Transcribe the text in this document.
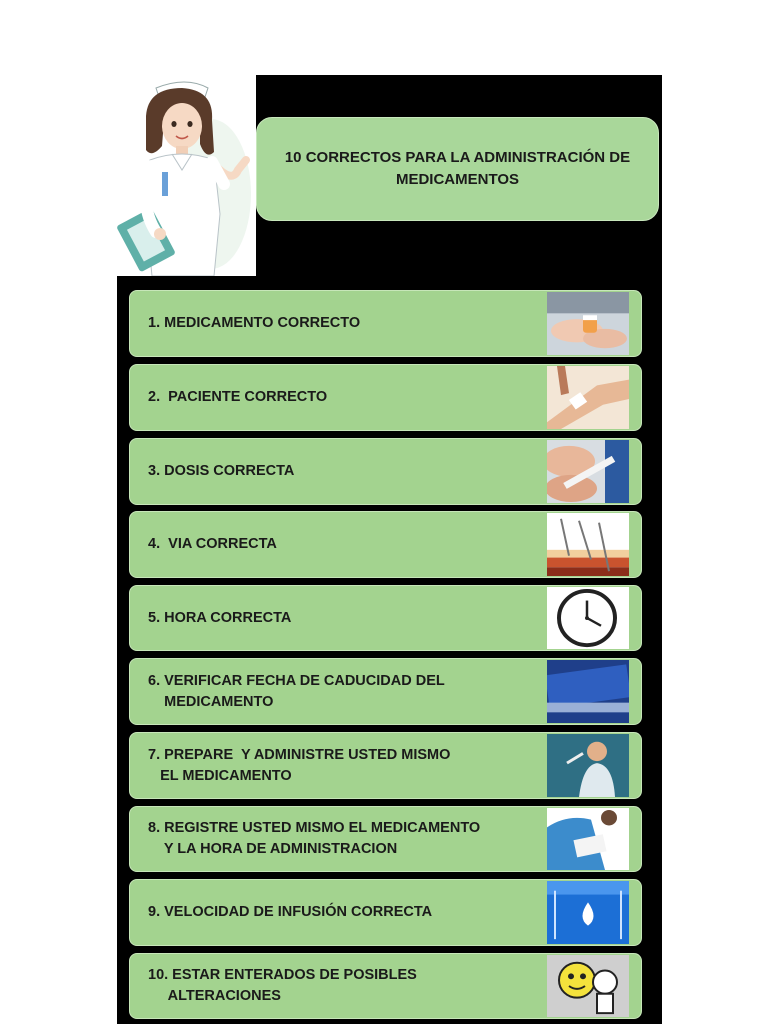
10 CORRECTOS PARA LA ADMINISTRACIÓN DE
MEDICAMENTOS
1. MEDICAMENTO CORRECTO
2.  PACIENTE CORRECTO
3. DOSIS CORRECTA
4.  VIA CORRECTA
5. HORA CORRECTA
6. VERIFICAR FECHA DE CADUCIDAD DEL
MEDICAMENTO
7. PREPARE  Y ADMINISTRE USTED MISMO
EL MEDICAMENTO
8. REGISTRE USTED MISMO EL MEDICAMENTO
Y LA HORA DE ADMINISTRACION
9. VELOCIDAD DE INFUSIÓN CORRECTA
10. ESTAR ENTERADOS DE POSIBLES
ALTERACIONES
